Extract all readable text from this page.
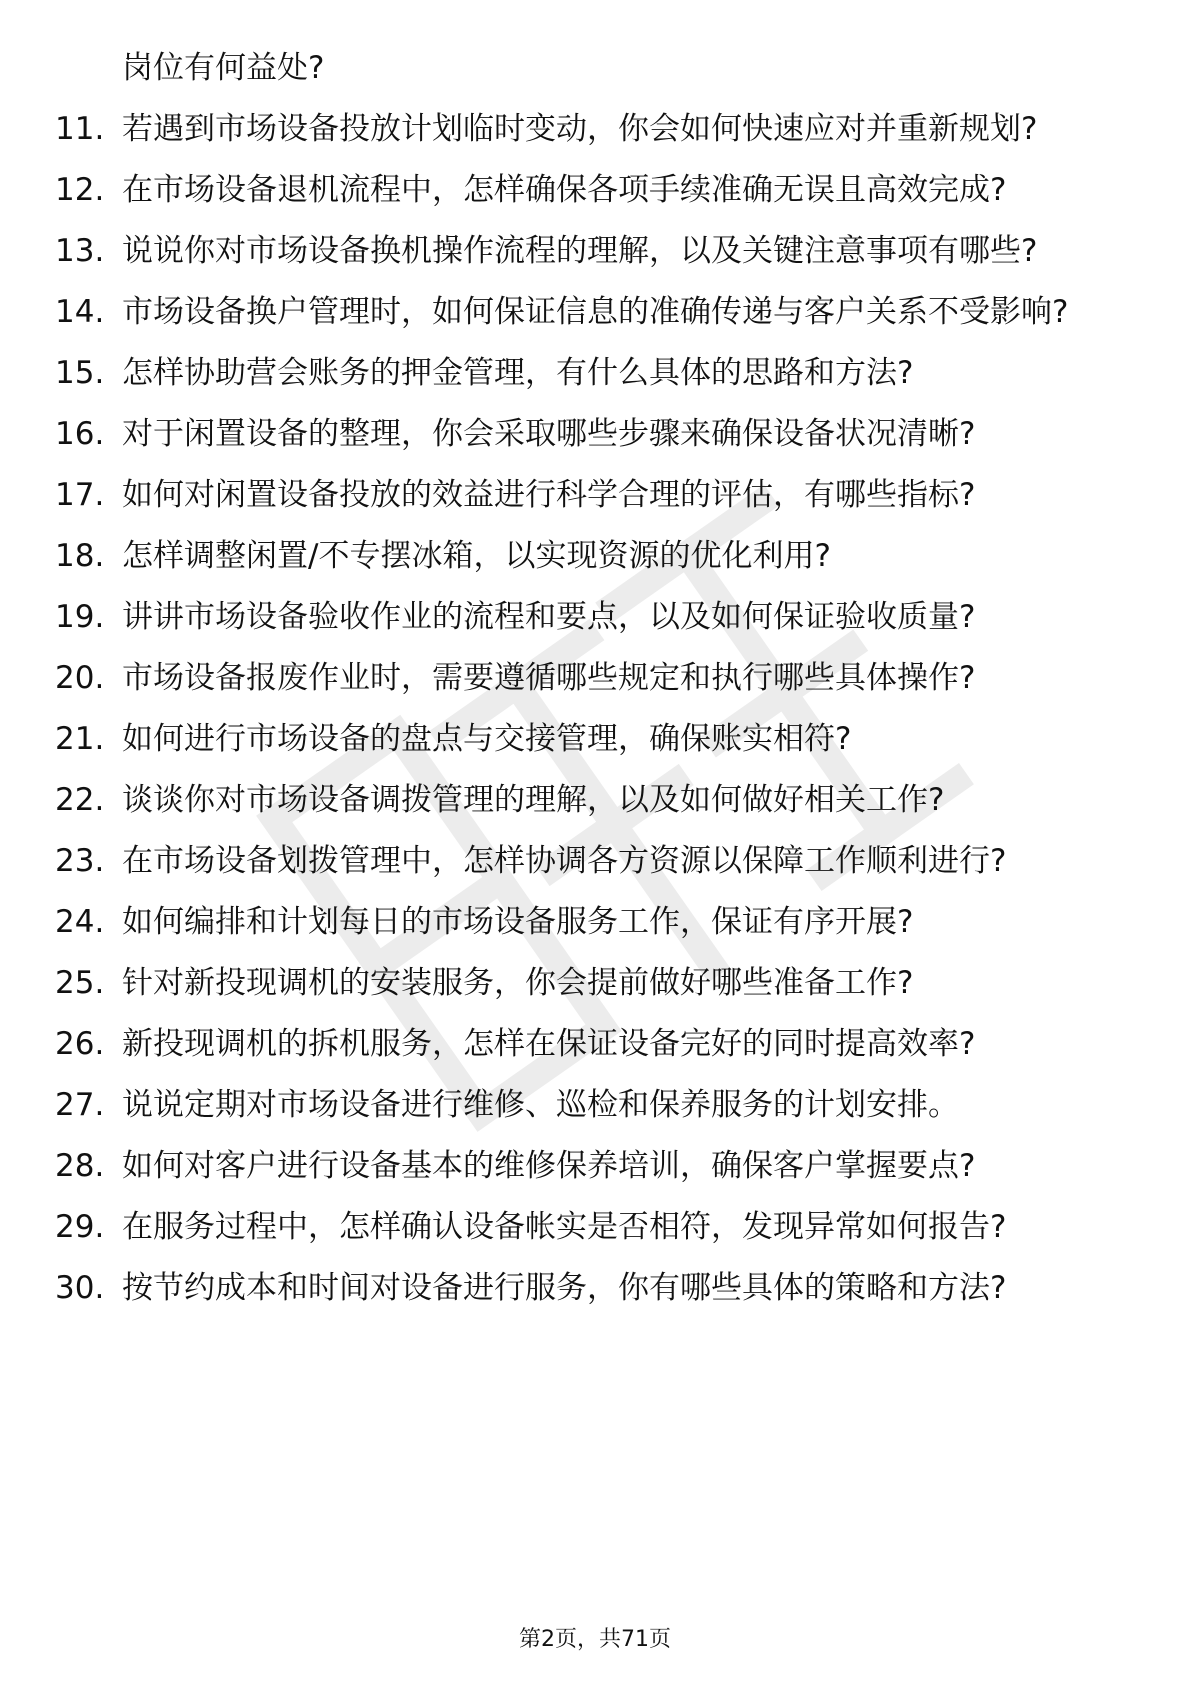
岗位有何益处?
11. 若遇到市场设备投放计划临时变动，你会如何快速应对并重新规划?
12. 在市场设备退机流程中，怎样确保各项手续准确无误且高效完成?
13. 说说你对市场设备换机操作流程的理解，以及关键注意事项有哪些?
14. 市场设备换户管理时，如何保证信息的准确传递与客户关系不受影响?
15. 怎样协助营会账务的押金管理，有什么具体的思路和方法?
16. 对于闲置设备的整理，你会采取哪些步骤来确保设备状况清晰?
17. 如何对闲置设备投放的效益进行科学合理的评估，有哪些指标?
18. 怎样调整闲置/不专摆冰箱，以实现资源的优化利用?
19. 讲讲市场设备验收作业的流程和要点，以及如何保证验收质量?
20. 市场设备报废作业时，需要遵循哪些规定和执行哪些具体操作?
21. 如何进行市场设备的盘点与交接管理，确保账实相符?
22. 谈谈你对市场设备调拨管理的理解，以及如何做好相关工作?
23. 在市场设备划拨管理中，怎样协调各方资源以保障工作顺利进行?
24. 如何编排和计划每日的市场设备服务工作，保证有序开展?
25. 针对新投现调机的安装服务，你会提前做好哪些准备工作?
26. 新投现调机的拆机服务，怎样在保证设备完好的同时提高效率?
27. 说说定期对市场设备进行维修、巡检和保养服务的计划安排。
28. 如何对客户进行设备基本的维修保养培训，确保客户掌握要点?
29. 在服务过程中，怎样确认设备帐实是否相符，发现异常如何报告?
30. 按节约成本和时间对设备进行服务，你有哪些具体的策略和方法?
第2页，共71页
